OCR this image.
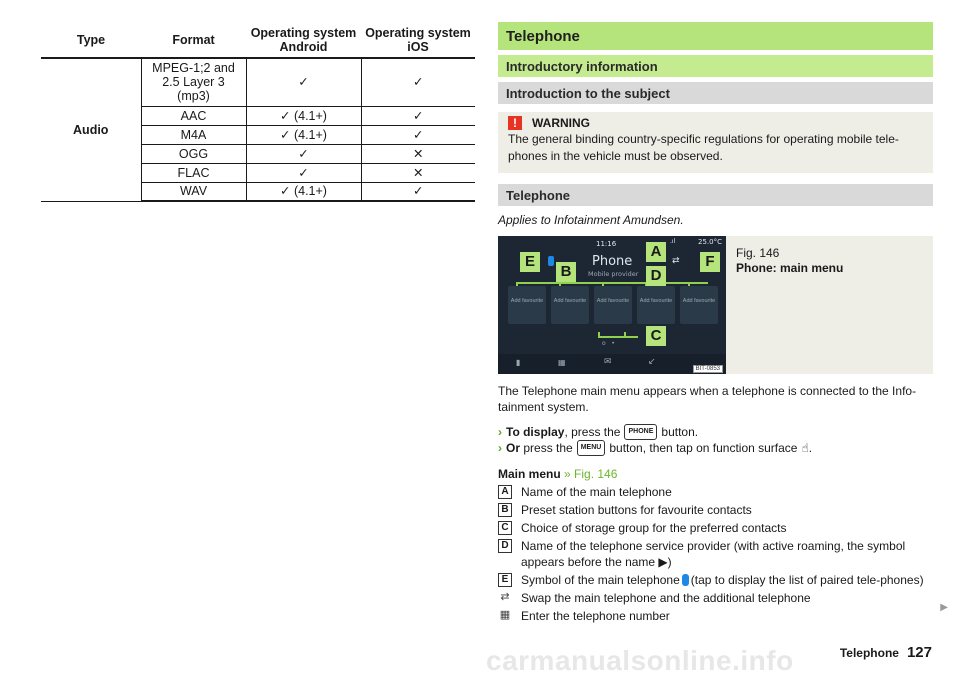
Type	Format	Operating system Android	Operating system iOS
Audio	MPEG-1;2 and 2.5 Layer 3 (mp3)	✓	✓
	AAC	✓ (4.1+)	✓
	M4A	✓ (4.1+)	✓
	OGG	✓	✕
	FLAC	✓	✕
	WAV	✓ (4.1+)	✓
Telephone
Introductory information
Introduction to the subject
!	WARNING
The general binding country-specific regulations for operating mobile tele-phones in the vehicle must be observed.
Telephone
Applies to Infotainment Amundsen.
11:16	25.0°C
.ıl
Phone
Mobile provider
⇄
Add favourite	Add favourite	Add favourite	Add favourite	Add favourite
o   •
A
B
C
D
E	F
▮	▦	✉	↙
BIT-0853
Fig. 146
Phone: main menu
The Telephone main menu appears when a telephone is connected to the Info-tainment system.
› To display , press the	PHONE button.
› Or
press the	MENU button, then tap on function surface ☝ .
Main menu » Fig. 146
A Name of the main telephone
B Preset station buttons for favourite contacts
C Choice of storage group for the preferred contacts
D Name of the telephone service provider (with active roaming, the symbol appears before the name ▶)
E	Symbol of the main telephone (tap to display the list of paired tele-phones)
⇄ Swap the main telephone and the additional telephone
▦ Enter the telephone number
▶
carmanualsonline.info	Telephone 127
